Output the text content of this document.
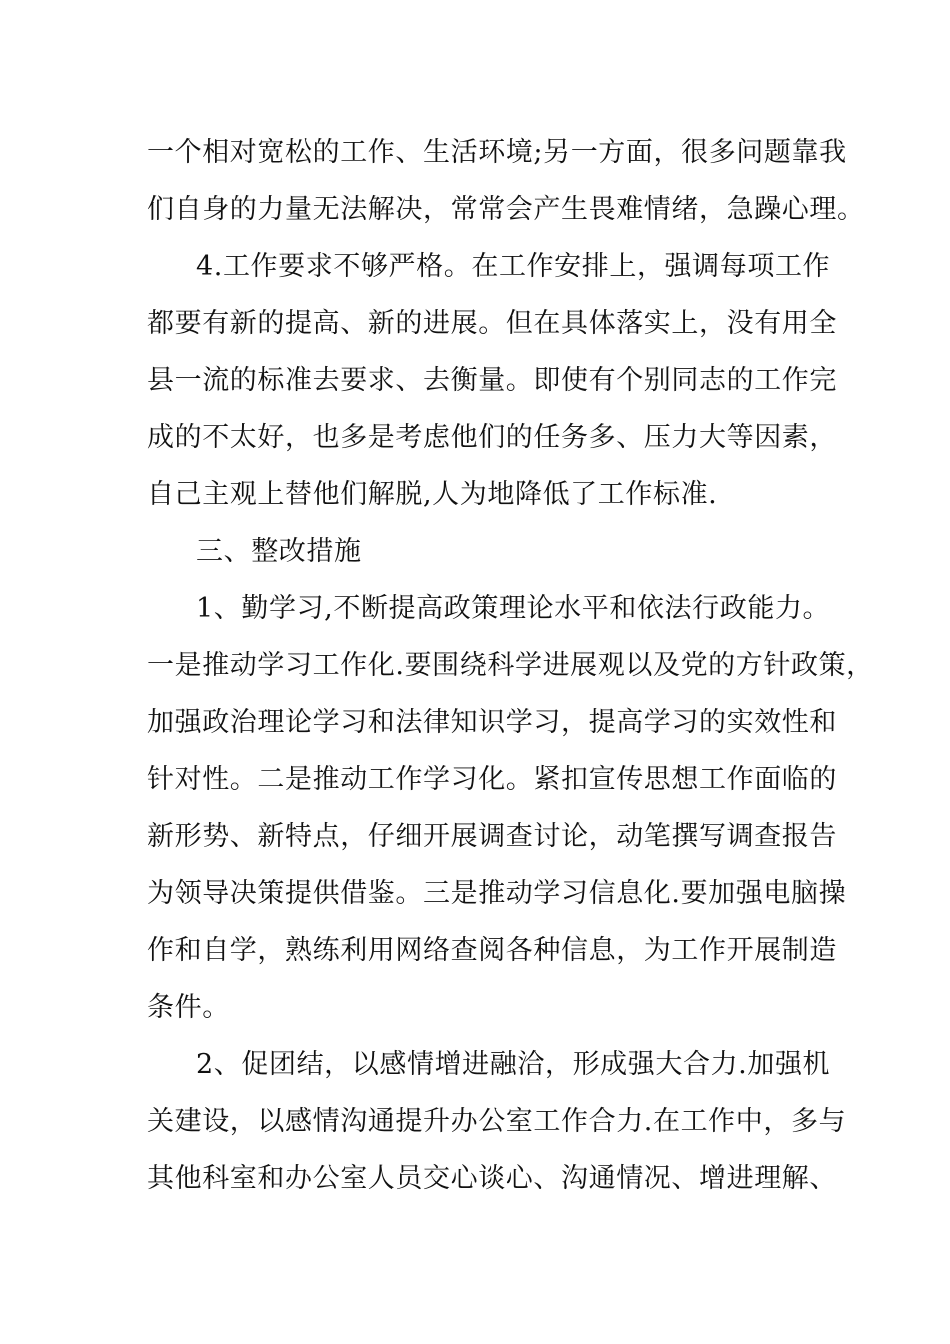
一个相对宽松的工作、生活环境;另一方面，很多问题靠我
们自身的力量无法解决，常常会产生畏难情绪，急躁心理。
4.工作要求不够严格。在工作安排上，强调每项工作
都要有新的提高、新的进展。但在具体落实上，没有用全
县一流的标准去要求、去衡量。即使有个别同志的工作完
成的不太好，也多是考虑他们的任务多、压力大等因素，
自己主观上替他们解脱,人为地降低了工作标准.
三、整改措施
1、勤学习,不断提高政策理论水平和依法行政能力。
一是推动学习工作化.要围绕科学进展观以及党的方针政策，
加强政治理论学习和法律知识学习，提高学习的实效性和
针对性。二是推动工作学习化。紧扣宣传思想工作面临的
新形势、新特点，仔细开展调查讨论，动笔撰写调查报告
为领导决策提供借鉴。三是推动学习信息化.要加强电脑操
作和自学，熟练利用网络查阅各种信息，为工作开展制造
条件。
2、促团结，以感情增进融洽，形成强大合力.加强机
关建设，以感情沟通提升办公室工作合力.在工作中，多与
其他科室和办公室人员交心谈心、沟通情况、增进理解、
